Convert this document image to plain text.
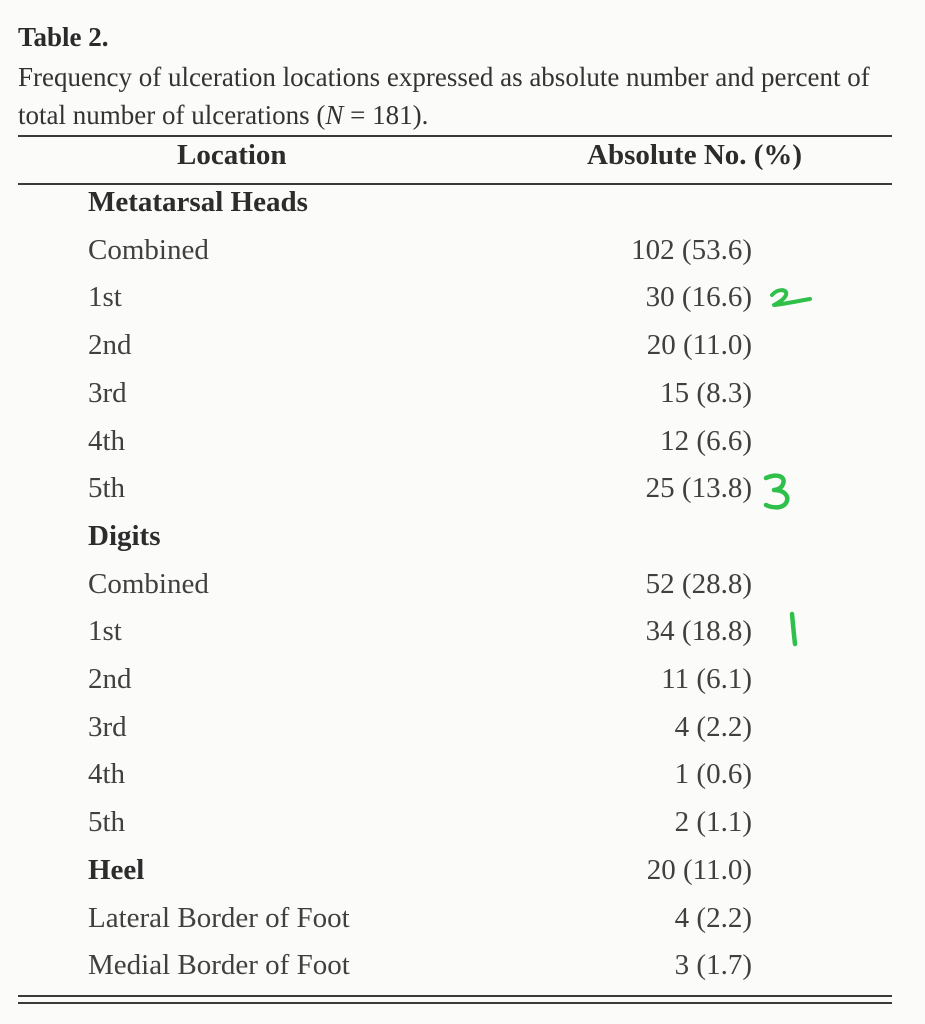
Table 2.
Frequency of ulceration locations expressed as absolute number and percent of total number of ulcerations (N = 181).
Location	Absolute No. (%)
Metatarsal Heads
Combined	102 (53.6)
1st	30 (16.6)
2nd	20 (11.0)
3rd	15 (8.3)
4th	12 (6.6)
5th	25 (13.8)
Digits
Combined	52 (28.8)
1st	34 (18.8)
2nd	11 (6.1)
3rd	4 (2.2)
4th	1 (0.6)
5th	2 (1.1)
Heel	20 (11.0)
Lateral Border of Foot	4 (2.2)
Medial Border of Foot	3 (1.7)
